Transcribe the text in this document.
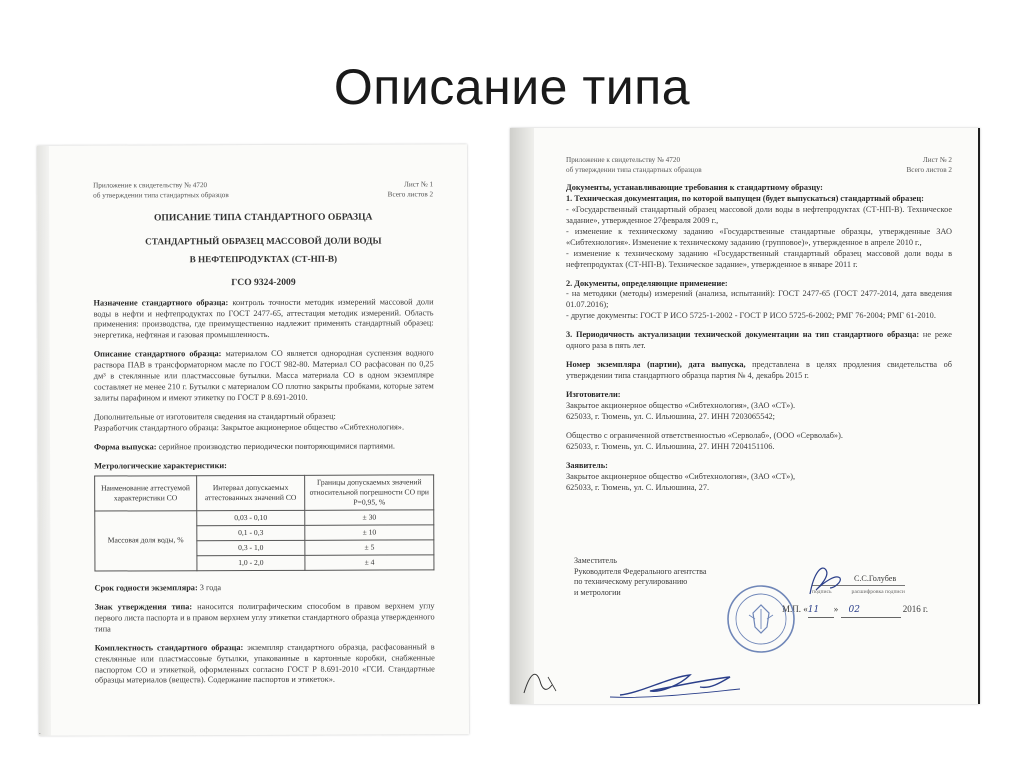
Описание типа
Приложение к свидетельству № 4720
об утверждении типа стандартных образцов
Лист № 1
Всего листов 2
ОПИСАНИЕ ТИПА СТАНДАРТНОГО ОБРАЗЦА
СТАНДАРТНЫЙ ОБРАЗЕЦ МАССОВОЙ ДОЛИ ВОДЫ
В НЕФТЕПРОДУКТАХ (СТ-НП-В)
ГСО 9324-2009
Назначение стандартного образца: контроль точности методик измерений массовой доли воды в нефти и нефтепродуктах по ГОСТ 2477-65, аттестация методик измерений. Область применения: производства, где преимущественно надлежит применять стандартный образец: энергетика, нефтяная и газовая промышленность.
Описание стандартного образца: материалом СО является однородная суспензия водного раствора ПАВ в трансформаторном масле по ГОСТ 982-80. Материал СО расфасован по 0,25 дм³ в стеклянные или пластмассовые бутылки. Масса материала СО в одном экземпляре составляет не менее 210 г. Бутылки с материалом СО плотно закрыты пробками, которые затем залиты парафином и имеют этикетку по ГОСТ Р 8.691-2010.
Дополнительные от изготовителя сведения на стандартный образец:
Разработчик стандартного образца: Закрытое акционерное общество «Сибтехнология».
Форма выпуска: серийное производство периодически повторяющимися партиями.
Метрологические характеристики:
Наименование аттестуемой характеристики СО	Интервал допускаемых аттестованных значений СО	Границы допускаемых значений относительной погрешности СО при Р=0,95, %
Массовая доля воды, %	0,03 - 0,10	± 30
	0,1 - 0,3	± 10
	0,3 - 1,0	± 5
	1,0 - 2,0	± 4
Срок годности экземпляра: 3 года
Знак утверждения типа: наносится полиграфическим способом в правом верхнем углу первого листа паспорта и в правом верхнем углу этикетки стандартного образца утвержденного типа
Комплектность стандартного образца: экземпляр стандартного образца, расфасованный в стеклянные или пластмассовые бутылки, упакованные в картонные коробки, снабженные паспортом СО и этикеткой, оформленных согласно ГОСТ Р 8.691-2010 «ГСИ. Стандартные образцы материалов (веществ). Содержание паспортов и этикеток».
.
Приложение к свидетельству № 4720
об утверждении типа стандартных образцов
Лист № 2
Всего листов 2
Документы, устанавливающие требования к стандартному образцу:
1. Техническая документация, по которой выпущен (будет выпускаться) стандартный образец:
- «Государственный стандартный образец массовой доли воды в нефтепродуктах (СТ-НП-В). Техническое задание», утвержденное 27февраля 2009 г.,
- изменение к техническому заданию «Государственные стандартные образцы, утвержденные ЗАО «Сибтехнология». Изменение к техническому заданию (групповое)», утвержденное в апреле 2010 г.,
- изменение к техническому заданию «Государственный стандартный образец массовой доли воды в нефтепродуктах (СТ-НП-В). Техническое задание», утвержденное в январе 2011 г.
2. Документы, определяющие применение:
- на методики (методы) измерений (анализа, испытаний): ГОСТ 2477-65 (ГОСТ 2477-2014, дата введения 01.07.2016);
- другие документы: ГОСТ Р ИСО 5725-1-2002 - ГОСТ Р ИСО 5725-6-2002; РМГ 76-2004; РМГ 61-2010.
3. Периодичность актуализации технической документации на тип стандартного образца: не реже одного раза в пять лет.
Номер экземпляра (партии), дата выпуска, представлена в целях продления свидетельства об утверждении типа стандартного образца партия № 4, декабрь 2015 г.
Изготовители:
Закрытое акционерное общество «Сибтехнология», (ЗАО «СТ»).
625033, г. Тюмень, ул. С. Ильюшина, 27. ИНН 7203065542;
Общество с ограниченной ответственностью «Серволаб», (ООО «Серволаб»).
625033, г. Тюмень, ул. С. Ильюшина, 27. ИНН 7204151106.
Заявитель:
Закрытое акционерное общество «Сибтехнология», (ЗАО «СТ»),
625033, г. Тюмень, ул. С. Ильюшина, 27.
Заместитель
Руководителя Федерального агентства
по техническому регулированию
и метрологии
С.С.Голубев
подпись	расшифровка подписи
М.П. «11 » 02	2016 г.
